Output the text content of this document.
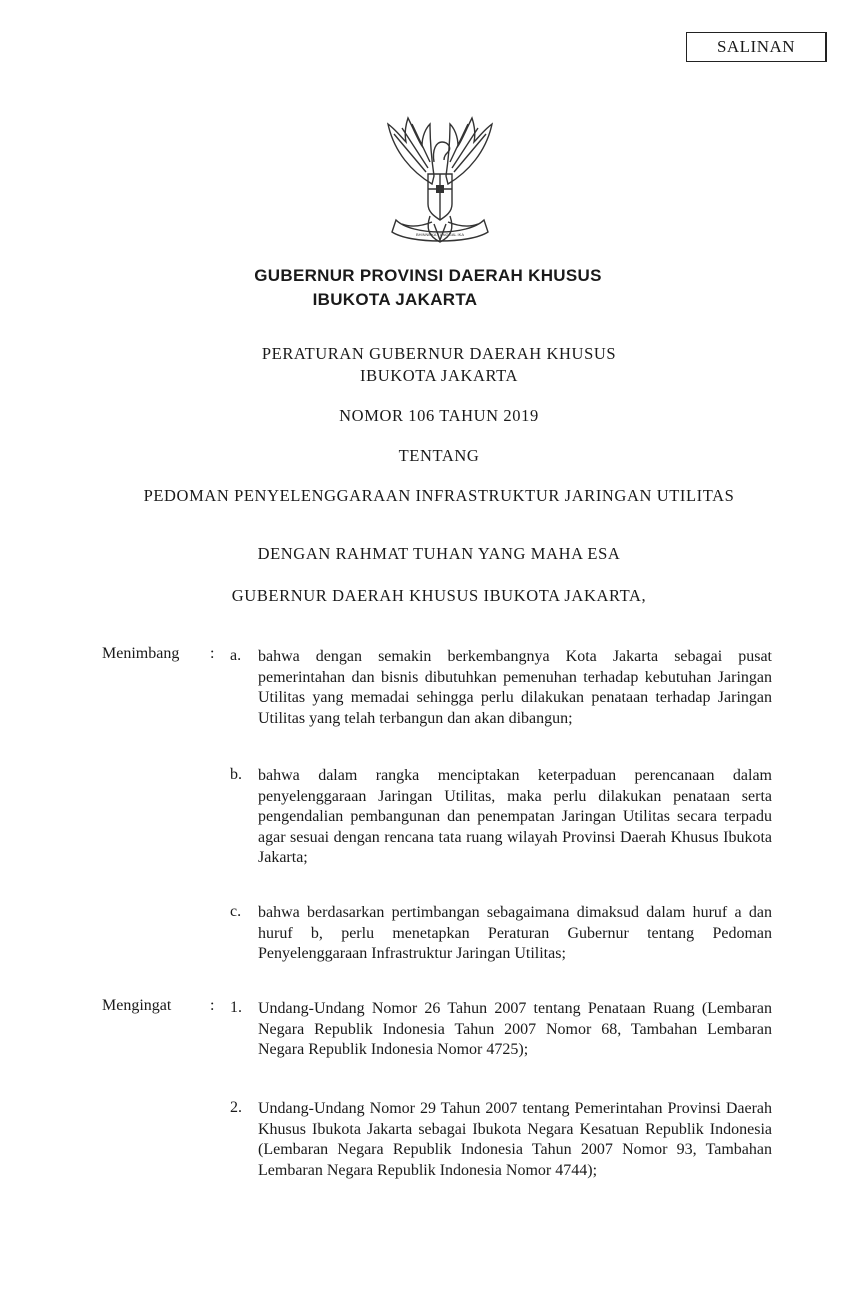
SALINAN
BHINNEKA TUNGGAL IKA
GUBERNUR PROVINSI DAERAH KHUSUS
IBUKOTA JAKARTA
PERATURAN GUBERNUR DAERAH KHUSUS
IBUKOTA JAKARTA
NOMOR 106 TAHUN 2019
TENTANG
PEDOMAN PENYELENGGARAAN INFRASTRUKTUR JARINGAN UTILITAS
DENGAN RAHMAT TUHAN YANG MAHA ESA
GUBERNUR DAERAH KHUSUS IBUKOTA JAKARTA,
Menimbang : a. bahwa dengan semakin berkembangnya Kota Jakarta sebagai pusat pemerintahan dan bisnis dibutuhkan pemenuhan terhadap kebutuhan Jaringan Utilitas yang memadai sehingga perlu dilakukan penataan terhadap Jaringan Utilitas yang telah terbangun dan akan dibangun;
b. bahwa dalam rangka menciptakan keterpaduan perencanaan dalam penyelenggaraan Jaringan Utilitas, maka perlu dilakukan penataan serta pengendalian pembangunan dan penempatan Jaringan Utilitas secara terpadu agar sesuai dengan rencana tata ruang wilayah Provinsi Daerah Khusus Ibukota Jakarta;
c. bahwa berdasarkan pertimbangan sebagaimana dimaksud dalam huruf a dan huruf b, perlu menetapkan Peraturan Gubernur tentang Pedoman Penyelenggaraan Infrastruktur Jaringan Utilitas;
Mengingat : 1. Undang-Undang Nomor 26 Tahun 2007 tentang Penataan Ruang (Lembaran Negara Republik Indonesia Tahun 2007 Nomor 68, Tambahan Lembaran Negara Republik Indonesia Nomor 4725);
2. Undang-Undang Nomor 29 Tahun 2007 tentang Pemerintahan Provinsi Daerah Khusus Ibukota Jakarta sebagai Ibukota Negara Kesatuan Republik Indonesia (Lembaran Negara Republik Indonesia Tahun 2007 Nomor 93, Tambahan Lembaran Negara Republik Indonesia Nomor 4744);
